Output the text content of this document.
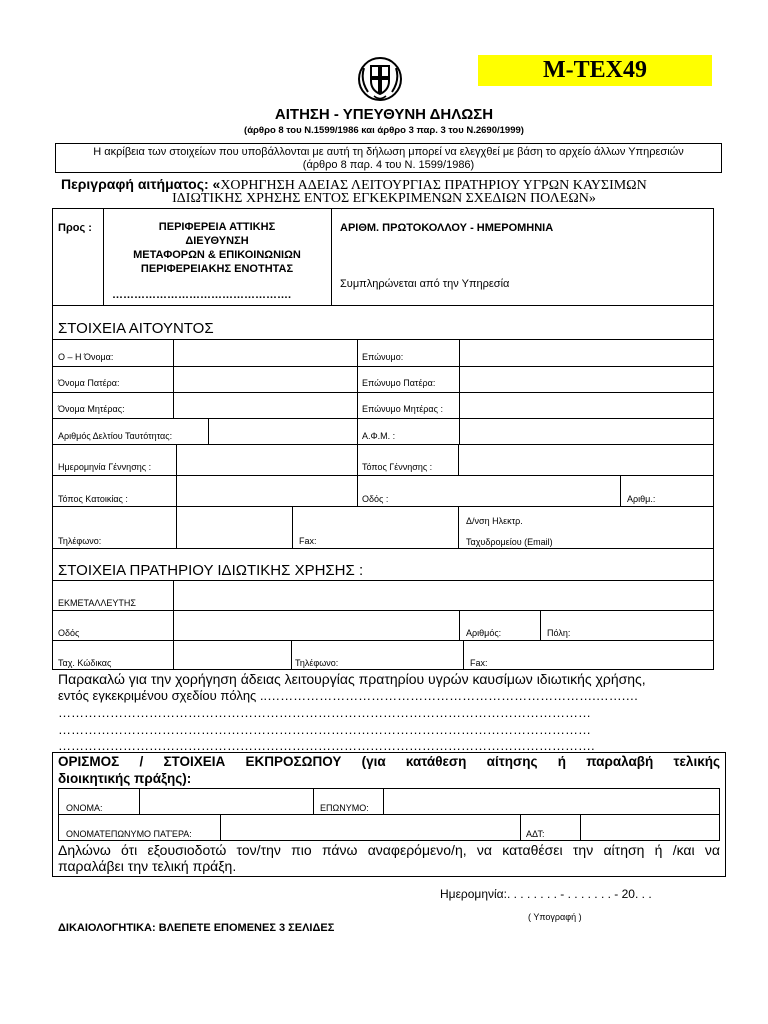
M-TEX49
ΑΙΤΗΣΗ - ΥΠΕΥΘΥΝΗ ΔΗΛΩΣΗ
(άρθρο 8 του Ν.1599/1986 και άρθρο 3 παρ. 3 του Ν.2690/1999)
Η ακρίβεια των στοιχείων που υποβάλλονται με αυτή τη δήλωση μπορεί να ελεγχθεί με βάση το αρχείο άλλων Υπηρεσιών
(άρθρο 8 παρ. 4 του Ν. 1599/1986)
Περιγραφή αιτήματος: «ΧΟΡΗΓΗΣΗ ΑΔΕΙΑΣ ΛΕΙΤΟΥΡΓΙΑΣ ΠΡΑΤΗΡΙΟΥ ΥΓΡΩΝ ΚΑΥΣΙΜΩΝ
ΙΔΙΩΤΙΚΗΣ ΧΡΗΣΗΣ ΕΝΤΟΣ ΕΓΚΕΚΡΙΜΕΝΩΝ ΣΧΕΔΙΩΝ ΠΟΛΕΩΝ»
Προς :	ΠΕΡΙΦΕΡΕΙΑ ΑΤΤΙΚΗΣ
ΔΙΕΥΘΥΝΣΗ
ΜΕΤΑΦΟΡΩΝ & ΕΠΙΚΟΙΝΩΝΙΩΝ
ΠΕΡΙΦΕΡΕΙΑΚΗΣ ΕΝΟΤΗΤΑΣ
………………………………………….
ΑΡΙΘΜ. ΠΡΩΤΟΚΟΛΛΟΥ - ΗΜΕΡΟΜΗΝΙΑ
Συμπληρώνεται από την Υπηρεσία
ΣΤΟΙΧΕΙΑ ΑΙΤΟΥΝΤΟΣ
Ο – Η Όνομα:	Επώνυμο:
Όνομα Πατέρα:	Επώνυμο Πατέρα:
Όνομα Μητέρας:	Επώνυμο Μητέρας :
Αριθμός Δελτίου Ταυτότητας:	Α.Φ.Μ. :
Ημερομηνία Γέννησης :	Τόπος Γέννησης :
Τόπος Κατοικίας :	Οδός :	Αριθμ.:
Τηλέφωνο:	Fax:
Δ/νση Ηλεκτρ.
Ταχυδρομείου (Email)
ΣΤΟΙΧΕΙΑ ΠΡΑΤΗΡΙΟΥ ΙΔΙΩΤΙΚΗΣ ΧΡΗΣΗΣ :
ΕΚΜΕΤΑΛΛΕΥΤΗΣ
Οδός	Αριθμός:	Πόλη:
Ταχ. Κώδικας	Τηλέφωνο:	Fax:
Παρακαλώ για την χορήγηση άδειας λειτουργίας πρατηρίου υγρών καυσίμων ιδιωτικής χρήσης,
εντός εγκεκριμένου σχεδίου πόλης ..………………………………………………………………….…….…
……………………………………………………………………………………………………………
……………………………………………………………………………………………………………
…………………………………………………………………………………………………………….
ΟΡΙΣΜΟΣ / ΣΤΟΙΧΕΙΑ ΕΚΠΡΟΣΩΠΟΥ (για κατάθεση αίτησης ή παραλαβή τελικής
διοικητικής πράξης):
ΟΝΟΜΑ:	ΕΠΩΝΥΜΟ:
ΟΝΟΜΑΤΕΠΩΝΥΜΟ ΠΑΤΈΡΑ:	ΑΔΤ:
Δηλώνω ότι εξουσιοδοτώ τον/την πιο πάνω αναφερόμενο/η, να καταθέσει την αίτηση ή /και να
παραλάβει την τελική πράξη.
Ημερομηνία:. . . . . . . . - . . . . . . . - 20. . .
( Υπογραφή )
ΔΙΚΑΙΟΛΟΓΗΤΙΚΑ: ΒΛΕΠΕΤΕ ΕΠΟΜΕΝΕΣ 3 ΣΕΛΙΔΕΣ
